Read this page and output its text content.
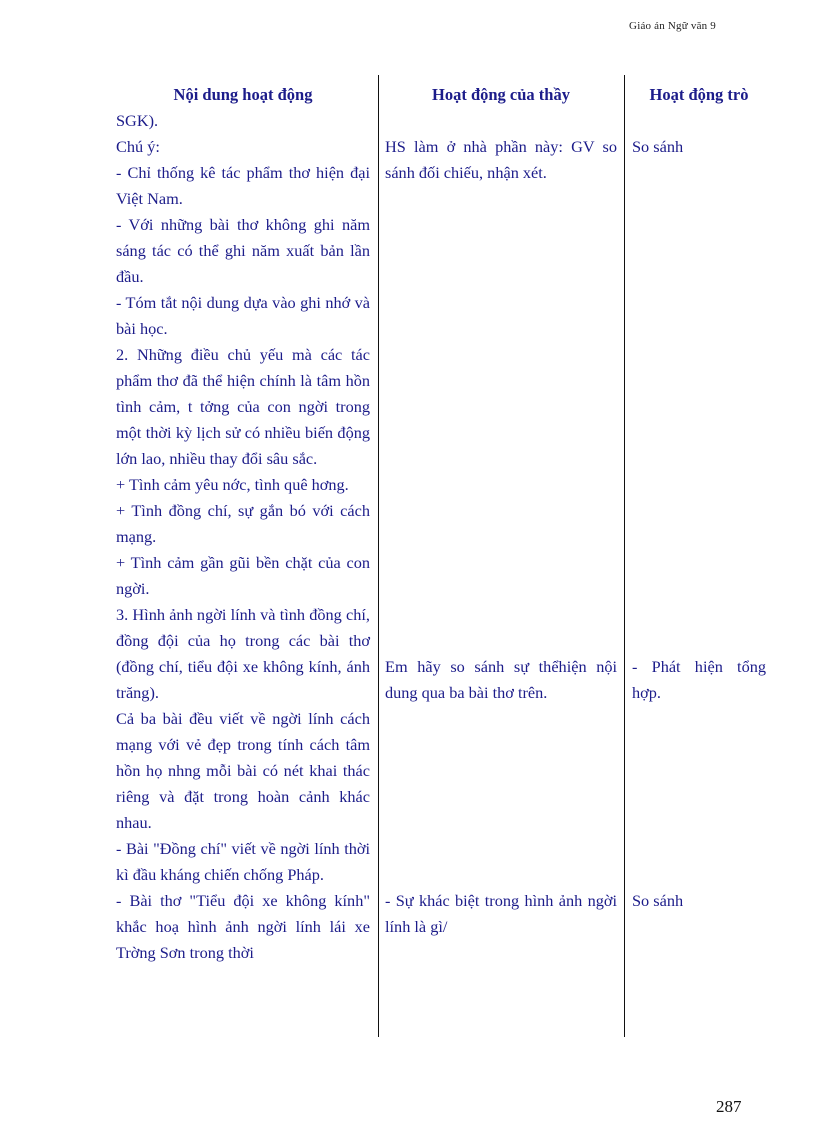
Giáo án Ngữ văn 9
Nội dung hoạt động

SGK).

Chú ý:

- Chỉ thống kê tác phẩm thơ hiện đại Việt Nam.

- Với những bài thơ không ghi năm sáng tác có thể ghi năm xuất bản lần đầu.

- Tóm tắt nội dung dựa vào ghi nhớ và bài học.

2. Những điều chủ yếu mà các tác phẩm thơ đã thể hiện chính là tâm hồn tình cảm, t tởng của con ngời trong một thời kỳ lịch sử có nhiều biến động lớn lao, nhiều thay đổi sâu sắc.

+ Tình cảm yêu nớc, tình quê hơng.

+ Tình đồng chí, sự gắn bó với cách mạng.

+ Tình cảm gần gũi bền chặt của con ngời.

3. Hình ảnh ngời lính và tình đồng chí, đồng đội của họ trong các bài thơ (đồng chí, tiểu đội xe không kính, ánh trăng).

Cả ba bài đều viết về ngời lính cách mạng với vẻ đẹp trong tính cách tâm hồn họ nhng mỗi bài có nét khai thác riêng và đặt trong hoàn cảnh khác nhau.

- Bài "Đồng chí" viết về ngời lính thời kì đầu kháng chiến chống Pháp.

- Bài thơ "Tiểu đội xe không kính" khắc hoạ hình ảnh ngời lính lái xe Trờng Sơn trong thời

Hoạt động của thầy

HS làm ở nhà phần này: GV so sánh đối chiếu, nhận xét.

Em hãy so sánh sự thểhiện nội dung qua ba bài thơ trên.

- Sự khác biệt trong hình ảnh ngời lính là gì/

Hoạt động trò

So sánh

- Phát hiện tổng hợp.

So sánh

287
